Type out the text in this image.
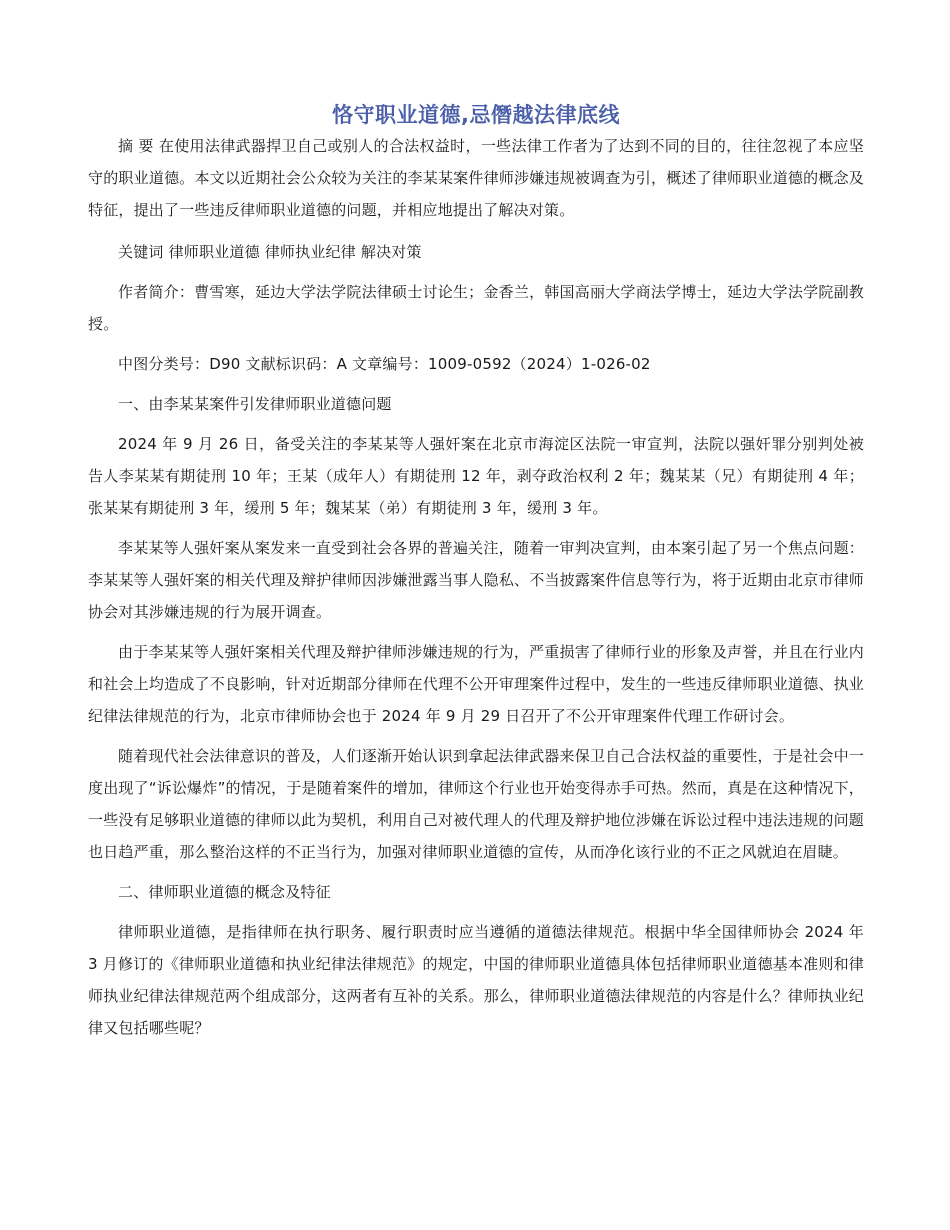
恪守职业道德,忌僭越法律底线

摘 要 在使用法律武器捍卫自己或别人的合法权益时，一些法律工作者为了达到不同的目的，往往忽视了本应坚守的职业道德。本文以近期社会公众较为关注的李某某案件律师涉嫌违规被调查为引，概述了律师职业道德的概念及特征，提出了一些违反律师职业道德的问题，并相应地提出了解决对策。

关键词 律师职业道德 律师执业纪律 解决对策

作者简介：曹雪寒，延边大学法学院法律硕士讨论生；金香兰，韩国高丽大学商法学博士，延边大学法学院副教授。

中图分类号：D90 文献标识码：A 文章编号：1009-0592（2024）1-026-02

一、由李某某案件引发律师职业道德问题

2024 年 9 月 26 日，备受关注的李某某等人强奸案在北京市海淀区法院一审宣判，法院以强奸罪分别判处被告人李某某有期徒刑 10 年；王某（成年人）有期徒刑 12 年，剥夺政治权利 2 年；魏某某（兄）有期徒刑 4 年；张某某有期徒刑 3 年，缓刑 5 年；魏某某（弟）有期徒刑 3 年，缓刑 3 年。

李某某等人强奸案从案发来一直受到社会各界的普遍关注，随着一审判决宣判，由本案引起了另一个焦点问题：李某某等人强奸案的相关代理及辩护律师因涉嫌泄露当事人隐私、不当披露案件信息等行为，将于近期由北京市律师协会对其涉嫌违规的行为展开调查。

由于李某某等人强奸案相关代理及辩护律师涉嫌违规的行为，严重损害了律师行业的形象及声誉，并且在行业内和社会上均造成了不良影响，针对近期部分律师在代理不公开审理案件过程中，发生的一些违反律师职业道德、执业纪律法律规范的行为，北京市律师协会也于 2024 年 9 月 29 日召开了不公开审理案件代理工作研讨会。

随着现代社会法律意识的普及，人们逐渐开始认识到拿起法律武器来保卫自己合法权益的重要性，于是社会中一度出现了“诉讼爆炸”的情况，于是随着案件的增加，律师这个行业也开始变得赤手可热。然而，真是在这种情况下，一些没有足够职业道德的律师以此为契机，利用自己对被代理人的代理及辩护地位涉嫌在诉讼过程中违法违规的问题也日趋严重，那么整治这样的不正当行为，加强对律师职业道德的宣传，从而净化该行业的不正之风就迫在眉睫。

二、律师职业道德的概念及特征

律师职业道德，是指律师在执行职务、履行职责时应当遵循的道德法律规范。根据中华全国律师协会 2024 年 3 月修订的《律师职业道德和执业纪律法律规范》的规定，中国的律师职业道德具体包括律师职业道德基本准则和律师执业纪律法律规范两个组成部分，这两者有互补的关系。那么，律师职业道德法律规范的内容是什么？律师执业纪律又包括哪些呢？
